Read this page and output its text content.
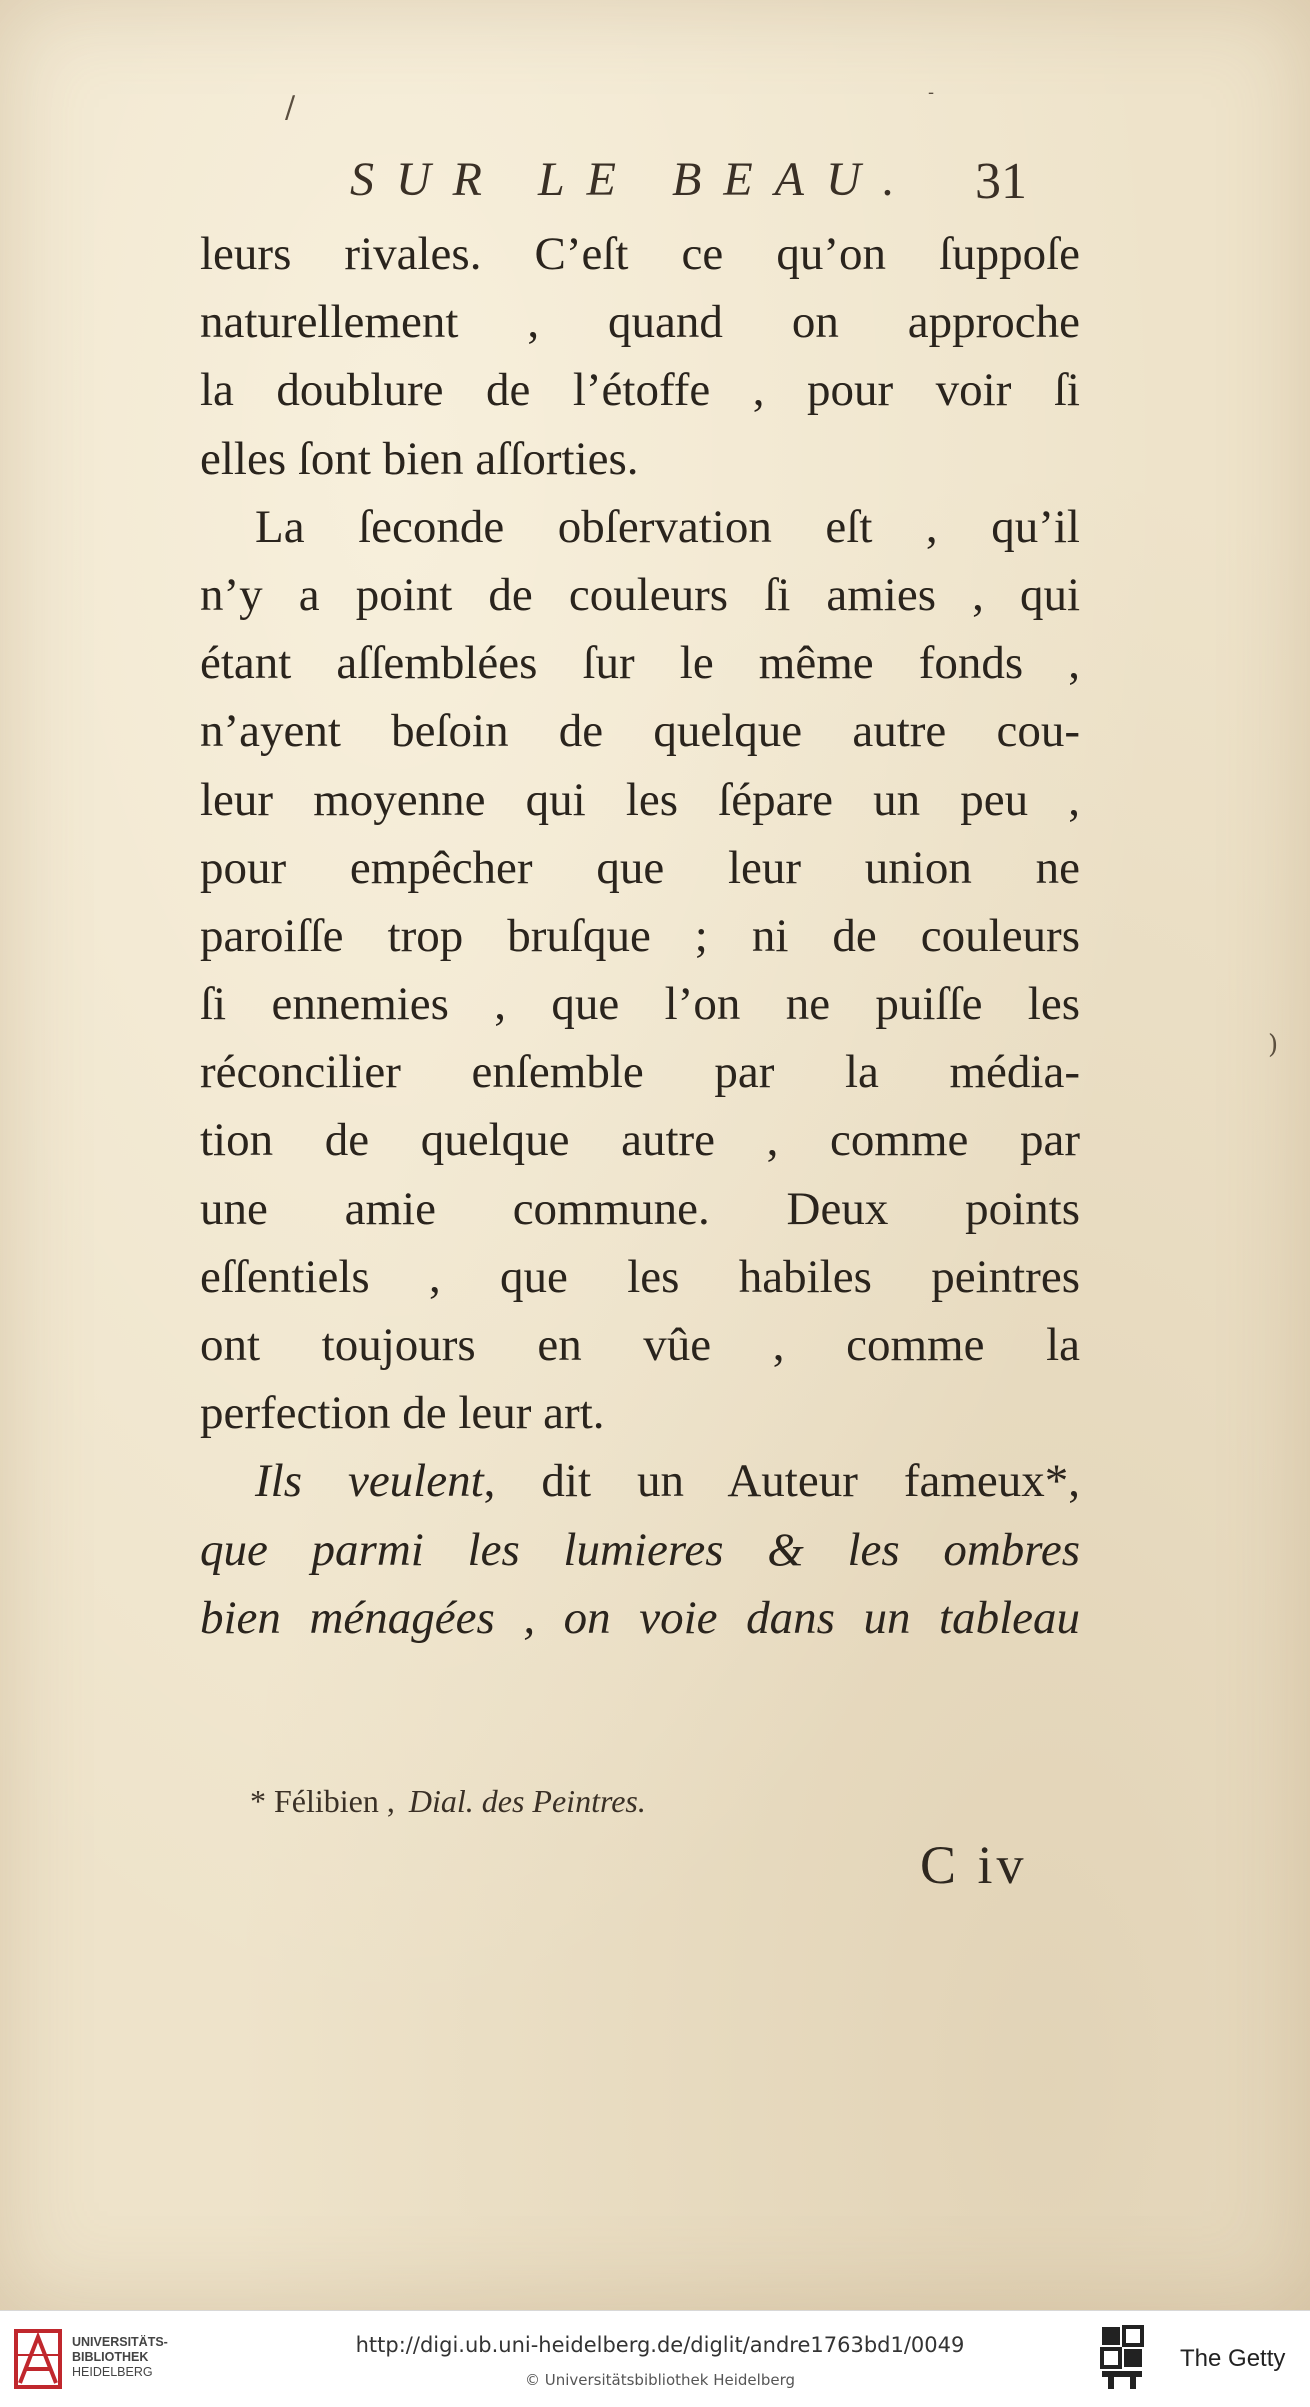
/	-
SUR LE BEAU. 31
leurs rivales. C’eſt ce qu’on ſuppoſe
naturellement , quand on approche
la doublure de l’étoffe , pour voir ſi
elles ſont bien aſſorties.
La ſeconde obſervation eſt , qu’il
n’y a point de couleurs ſi amies , qui
étant aſſemblées ſur le même fonds ,
n’ayent beſoin de quelque autre cou-
leur moyenne qui les ſépare un peu ,
pour empêcher que leur union ne
paroiſſe trop bruſque ; ni de couleurs
ſi ennemies , que l’on ne puiſſe les
réconcilier enſemble par la média-
tion de quelque autre , comme par
une amie commune. Deux points
eſſentiels , que les habiles peintres
ont toujours en vûe , comme la
perfection de leur art.
Ils veulent, dit un Auteur fameux*,
que parmi les lumieres & les ombres
bien ménagées , on voie dans un tableau
* Félibien , Dial. des Peintres.
C iv
)
UNIVERSITÄTS-
BIBLIOTHEK
HEIDELBERG
http://digi.ub.uni-heidelberg.de/diglit/andre1763bd1/0049
© Universitätsbibliothek Heidelberg
The Getty
